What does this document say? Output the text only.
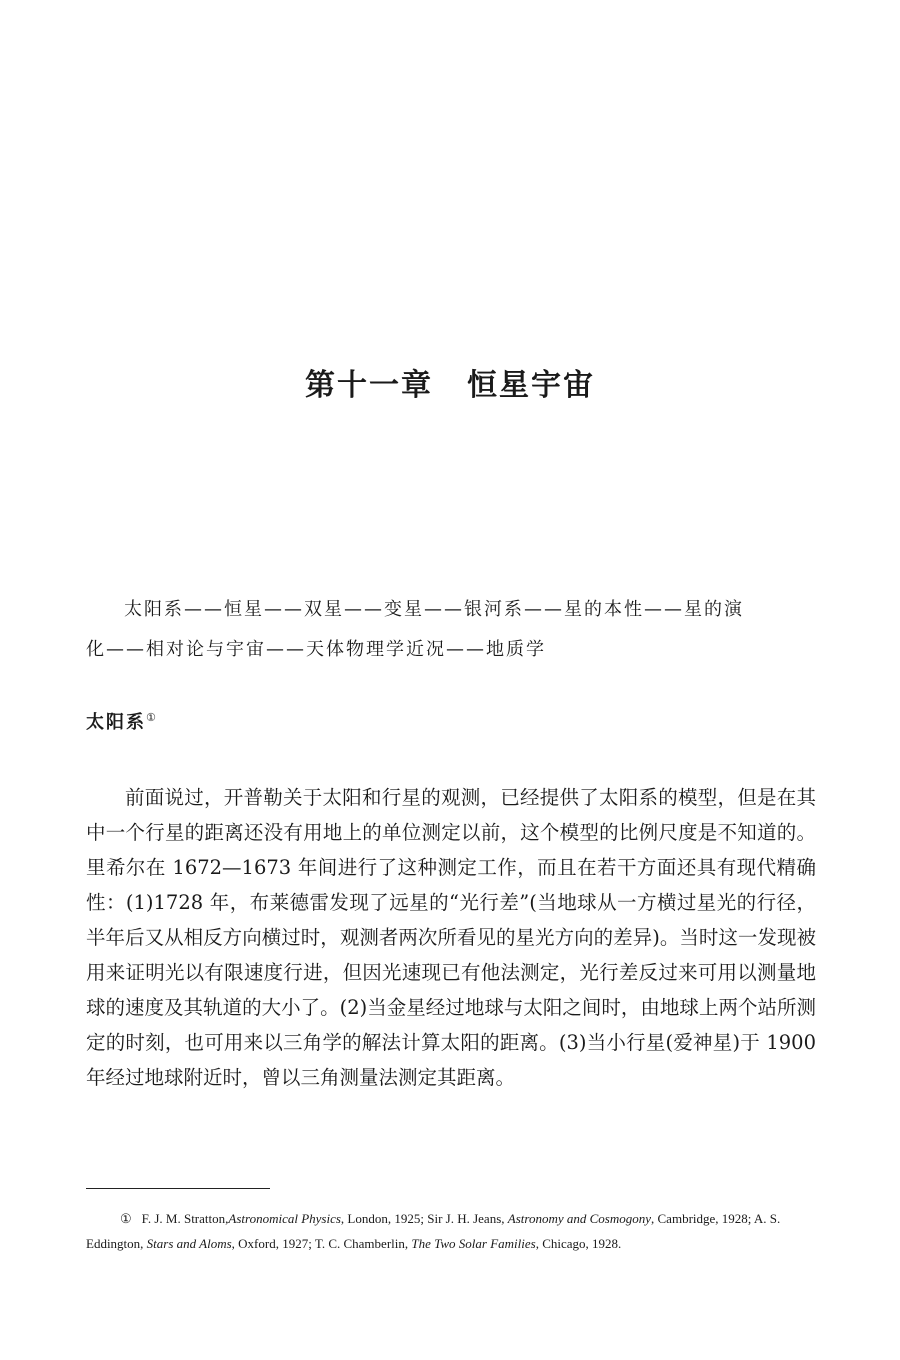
第十一章 恒星宇宙
太阳系——恒星——双星——变星——银河系——星的本性——星的演
化——相对论与宇宙——天体物理学近况——地质学
太阳系①

前面说过，开普勒关于太阳和行星的观测，已经提供了太阳系的模型，但是在其中一个行星的距离还没有用地上的单位测定以前，这个模型的比例尺度是不知道的。里希尔在 1672—1673 年间进行了这种测定工作，而且在若干方面还具有现代精确性：(1)1728 年，布莱德雷发现了远星的“光行差”(当地球从一方横过星光的行径，半年后又从相反方向横过时，观测者两次所看见的星光方向的差异)。当时这一发现被用来证明光以有限速度行进，但因光速现已有他法测定，光行差反过来可用以测量地球的速度及其轨道的大小了。(2)当金星经过地球与太阳之间时，由地球上两个站所测定的时刻，也可用来以三角学的解法计算太阳的距离。(3)当小行星(爱神星)于 1900 年经过地球附近时，曾以三角测量法测定其距离。

① F. J. M. Stratton,Astronomical Physics, London, 1925; Sir J. H. Jeans, Astronomy and Cosmogony, Cambridge, 1928; A. S. Eddington, Stars and Aloms, Oxford, 1927; T. C. Chamberlin, The Two Solar Families, Chicago, 1928.
